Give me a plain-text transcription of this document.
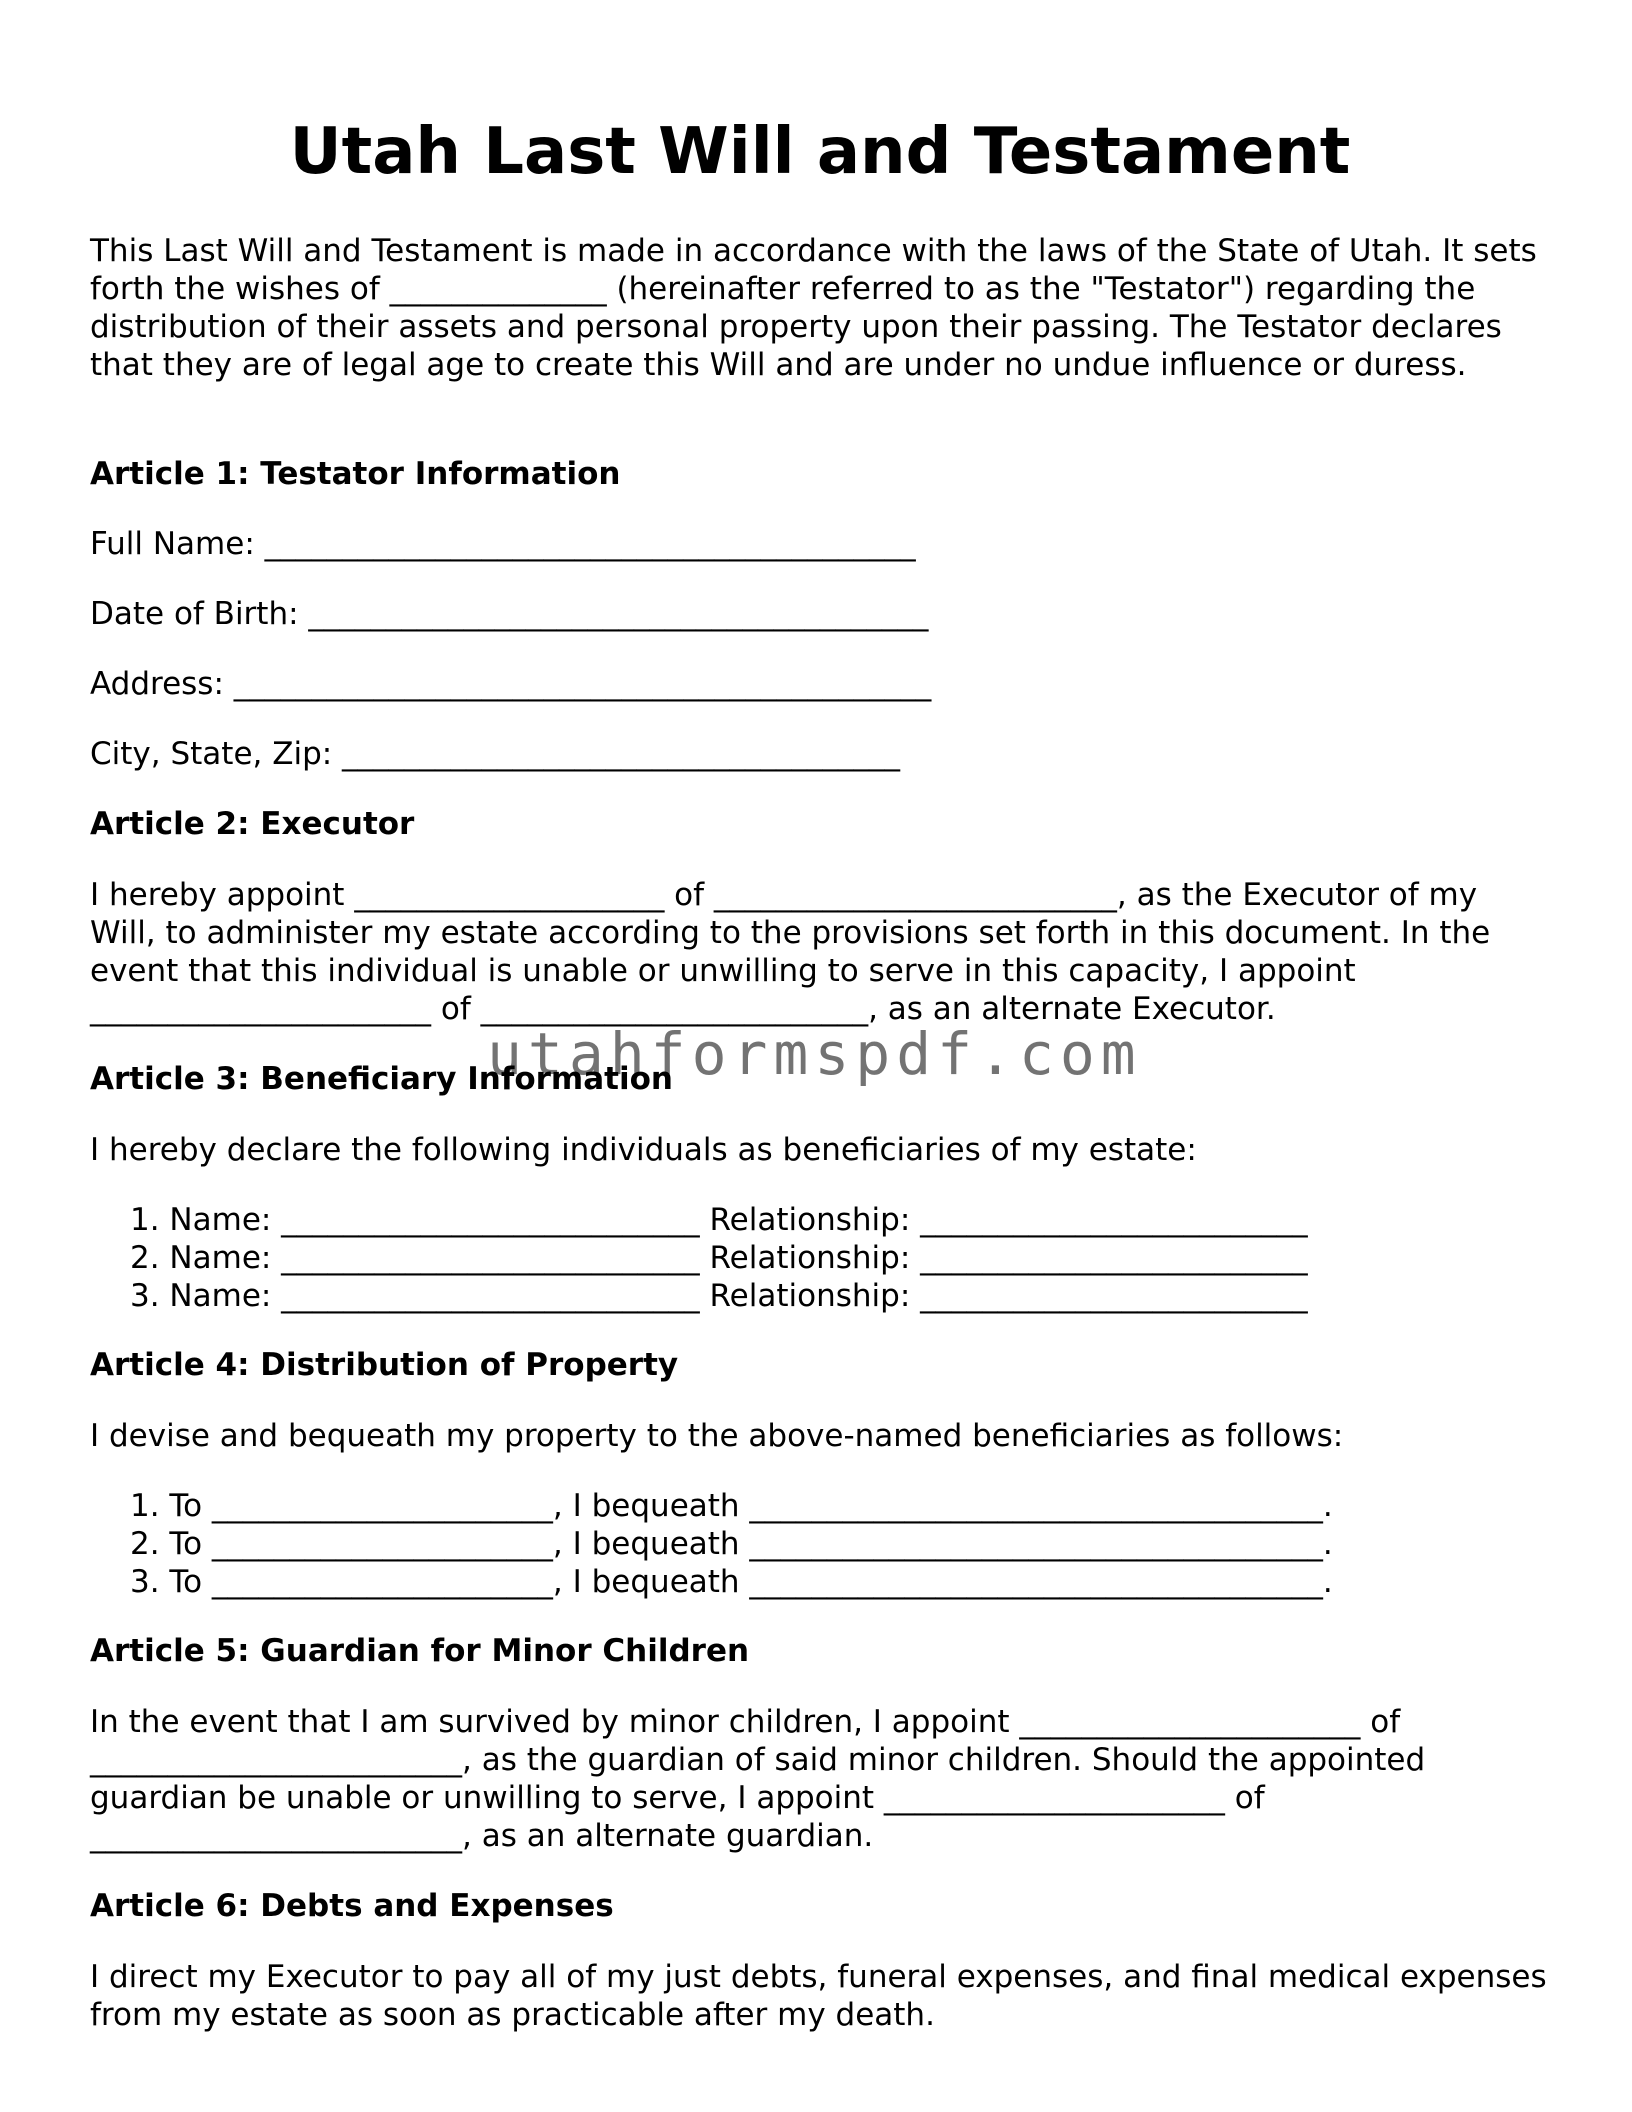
Utah Last Will and Testament

This Last Will and Testament is made in accordance with the laws of the State of Utah. It sets forth the wishes of ______________ (hereinafter referred to as the "Testator") regarding the distribution of their assets and personal property upon their passing. The Testator declares that they are of legal age to create this Will and are under no undue influence or duress.

Article 1: Testator Information

Full Name: __________________________________________

Date of Birth: ________________________________________

Address: _____________________________________________

City, State, Zip: ____________________________________

Article 2: Executor

I hereby appoint ____________________ of __________________________, as the Executor of my Will, to administer my estate according to the provisions set forth in this document. In the event that this individual is unable or unwilling to serve in this capacity, I appoint ______________________ of _________________________, as an alternate Executor.

Article 3: Beneficiary Information

I hereby declare the following individuals as beneficiaries of my estate:

1. Name: ___________________________ Relationship: _________________________
2. Name: ___________________________ Relationship: _________________________
3. Name: ___________________________ Relationship: _________________________

Article 4: Distribution of Property

I devise and bequeath my property to the above-named beneficiaries as follows:

1. To ______________________, I bequeath _____________________________________.
2. To ______________________, I bequeath _____________________________________.
3. To ______________________, I bequeath _____________________________________.

Article 5: Guardian for Minor Children

In the event that I am survived by minor children, I appoint ______________________ of ________________________, as the guardian of said minor children. Should the appointed guardian be unable or unwilling to serve, I appoint ______________________ of ________________________, as an alternate guardian.

Article 6: Debts and Expenses

I direct my Executor to pay all of my just debts, funeral expenses, and final medical expenses from my estate as soon as practicable after my death.

utahformspdf.com
